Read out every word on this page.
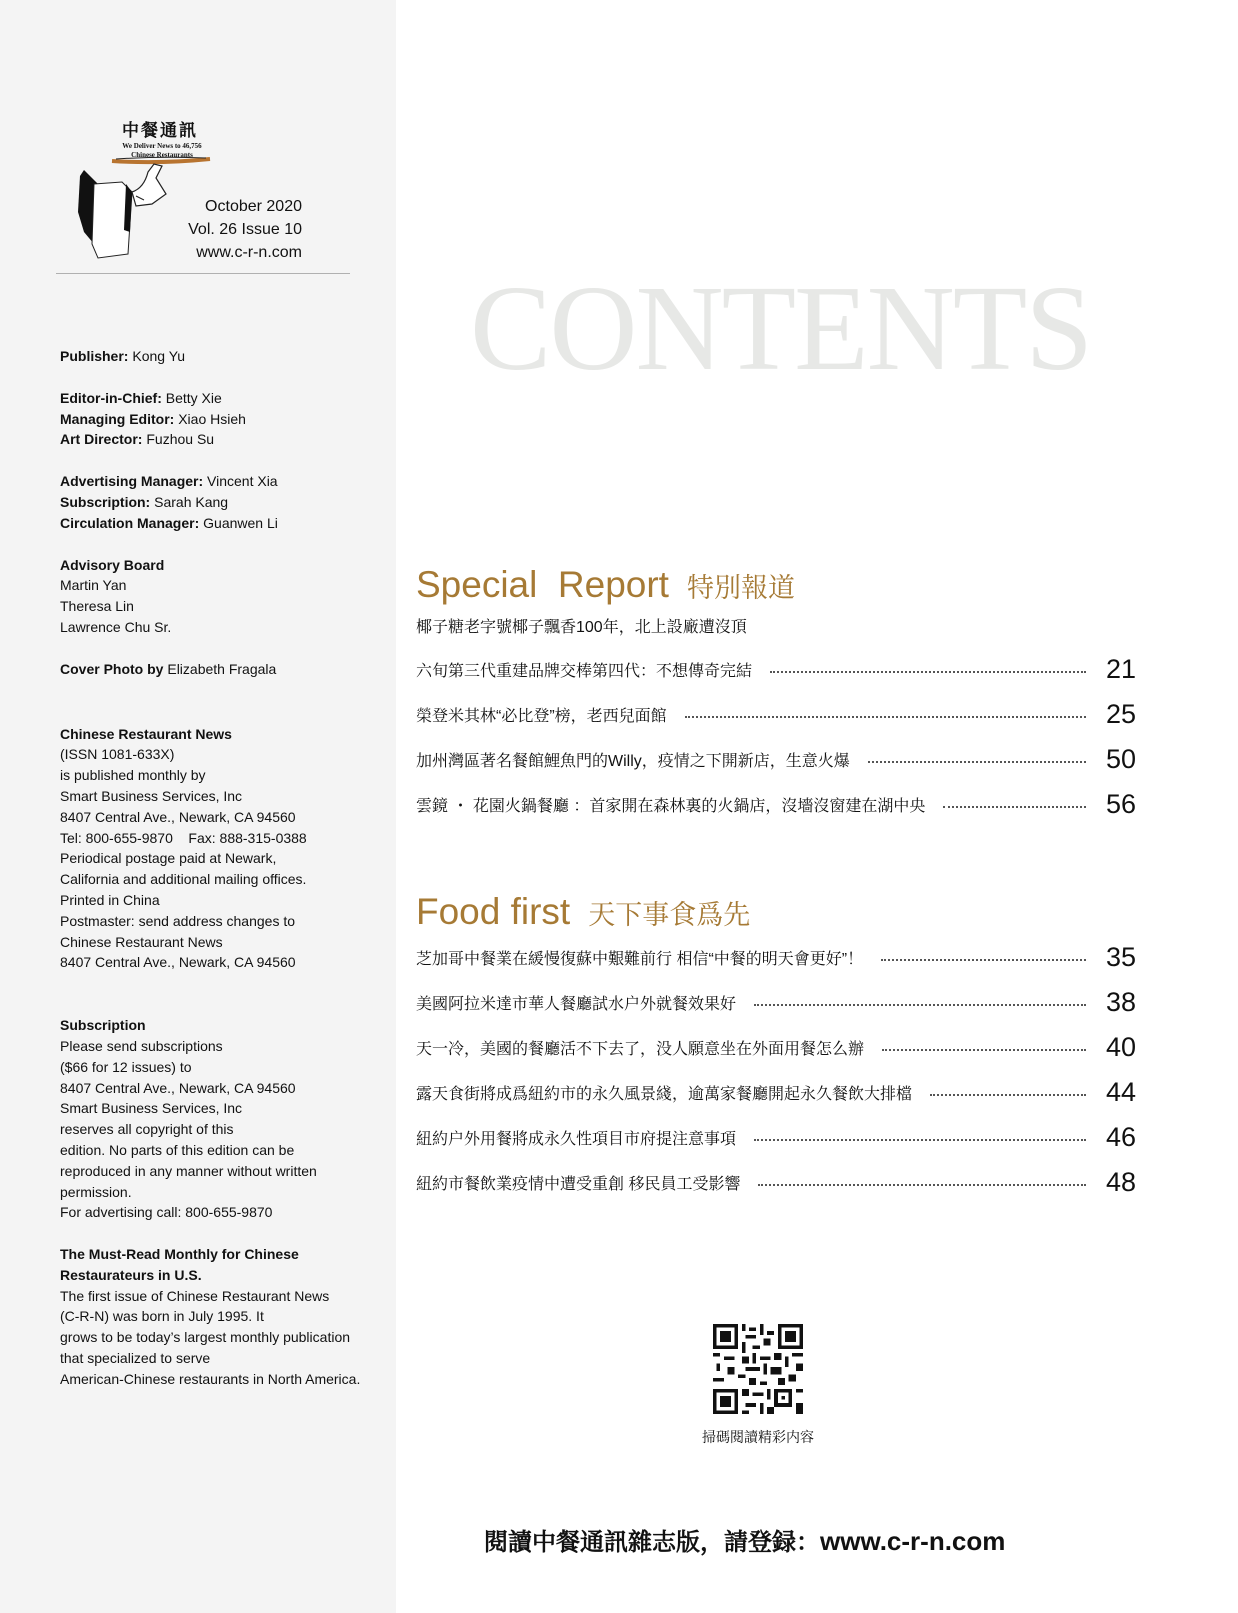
中餐通訊
We Deliver News to 46,756
Chinese Restaurants
October 2020
Vol. 26 Issue 10
www.c-r-n.com
Publisher: Kong Yu
Editor-in-Chief: Betty Xie
Managing Editor: Xiao Hsieh
Art Director: Fuzhou Su
Advertising Manager: Vincent Xia
Subscription: Sarah Kang
Circulation Manager: Guanwen Li
Advisory Board
Martin Yan
Theresa Lin
Lawrence Chu Sr.
Cover Photo by Elizabeth Fragala
Chinese Restaurant News
(ISSN 1081-633X)
is published monthly by
Smart Business Services, Inc
8407 Central Ave., Newark, CA 94560
Tel: 800-655-9870    Fax: 888-315-0388
Periodical postage paid at Newark,
California and additional mailing offices.
Printed in China
Postmaster: send address changes to
Chinese Restaurant News
8407 Central Ave., Newark, CA 94560
Subscription
Please send subscriptions
($66 for 12 issues) to
8407 Central Ave., Newark, CA 94560
Smart Business Services, Inc
reserves all copyright of this
edition. No parts of this edition can be
reproduced in any manner without written
permission.
For advertising call: 800-655-9870
The Must-Read Monthly for Chinese
Restaurateurs in U.S.
The first issue of Chinese Restaurant News
(C-R-N) was born in July 1995. It
grows to be today’s largest monthly publication
that specialized to serve
American-Chinese restaurants in North America.
CONTENTS
Special  Report 特別報道
椰子糖老字號椰子飄香100年，北上設廠遭沒頂
六旬第三代重建品牌交棒第四代：不想傳奇完結	21
榮登米其林“必比登”榜，老西兒面館	25
加州灣區著名餐館鯉魚門的Willy，疫情之下開新店，生意火爆	50
雲鏡 ・ 花園火鍋餐廳 ：首家開在森林裏的火鍋店，沒墻沒窗建在湖中央	56
Food first 天下事食爲先
芝加哥中餐業在緩慢復蘇中艱難前行 相信“中餐的明天會更好”！	35
美國阿拉米達市華人餐廳試水户外就餐效果好	38
天一冷，美國的餐廳活不下去了，没人願意坐在外面用餐怎么辦	40
露天食街將成爲紐約市的永久風景綫，逾萬家餐廳開起永久餐飲大排檔	44
紐約户外用餐將成永久性項目市府提注意事項	46
紐約市餐飲業疫情中遭受重創 移民員工受影響	48
掃碼閱讀精彩内容
閱讀中餐通訊雜志版，請登録：www.c-r-n.com
